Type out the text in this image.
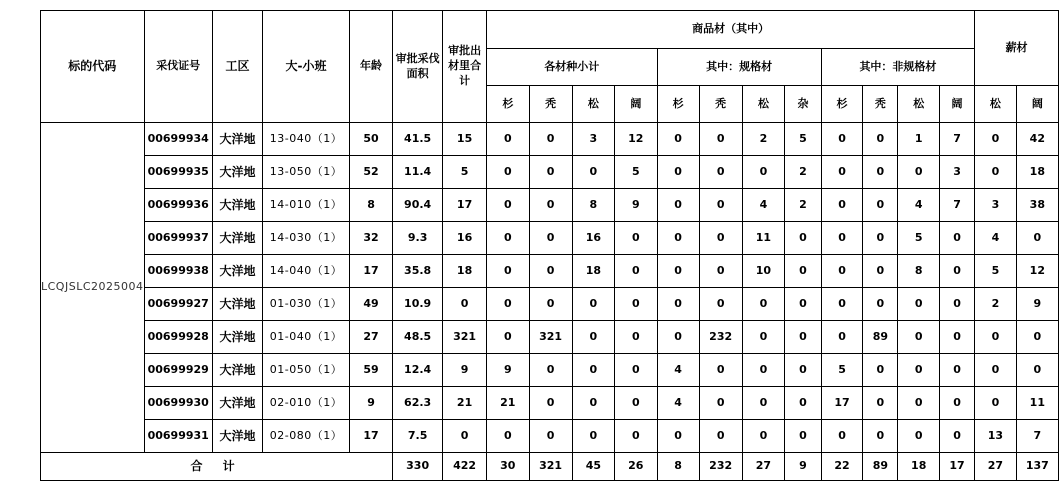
标的代码	采伐证号	工区	大-小班	年龄	审批采伐面积	审批出材里合计	商品材（其中）												薪材	
							各材种小计				其中：规格材				其中：非规格材					
							杉	秃	松	阔	杉	秃	松	杂	杉	秃	松	阔	松	阔
LCQJSLC2025004	00699934	大洋地	13-040（1）	50	41.5	15	0	0	3	12	0	0	2	5	0	0	1	7	0	42
	00699935	大洋地	13-050（1）	52	11.4	5	0	0	0	5	0	0	0	2	0	0	0	3	0	18
	00699936	大洋地	14-010（1）	8	90.4	17	0	0	8	9	0	0	4	2	0	0	4	7	3	38
	00699937	大洋地	14-030（1）	32	9.3	16	0	0	16	0	0	0	11	0	0	0	5	0	4	0
	00699938	大洋地	14-040（1）	17	35.8	18	0	0	18	0	0	0	10	0	0	0	8	0	5	12
	00699927	大洋地	01-030（1）	49	10.9	0	0	0	0	0	0	0	0	0	0	0	0	0	2	9
	00699928	大洋地	01-040（1）	27	48.5	321	0	321	0	0	0	232	0	0	0	89	0	0	0	0
	00699929	大洋地	01-050（1）	59	12.4	9	9	0	0	0	4	0	0	0	5	0	0	0	0	0
	00699930	大洋地	02-010（1）	9	62.3	21	21	0	0	0	4	0	0	0	17	0	0	0	0	11
	00699931	大洋地	02-080（1）	17	7.5	0	0	0	0	0	0	0	0	0	0	0	0	0	13	7
合 计					330	422	30	321	45	26	8	232	27	9	22	89	18	17	27	137
